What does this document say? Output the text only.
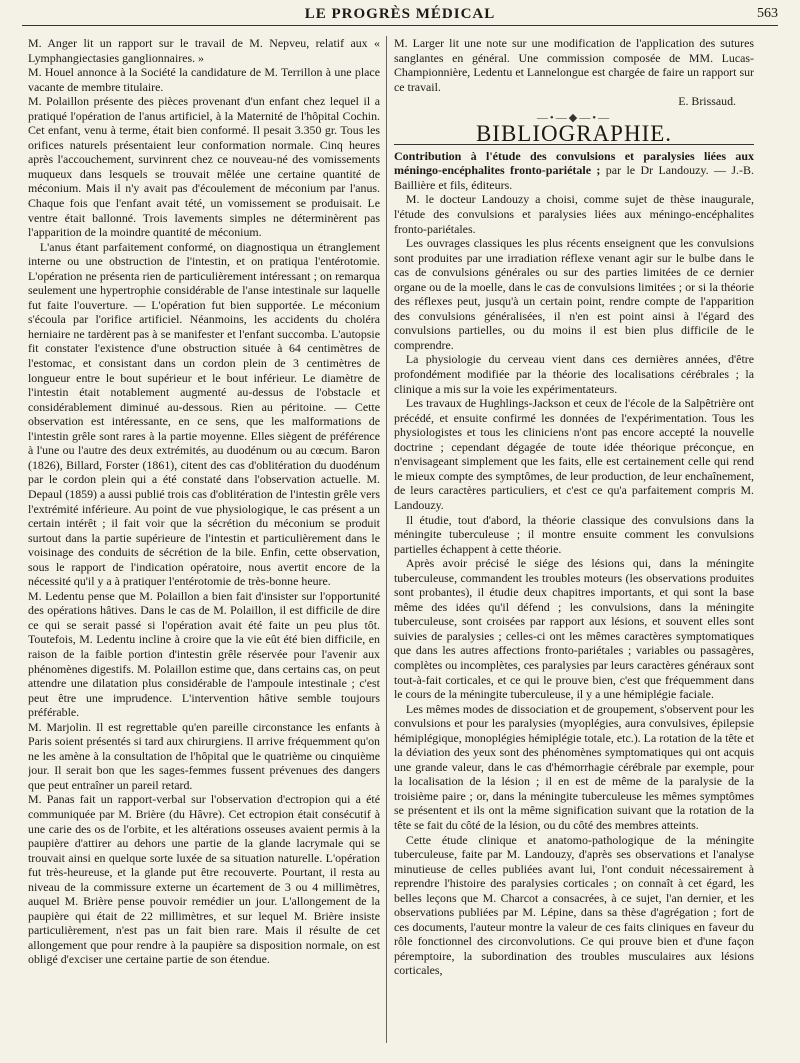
LE PROGRÈS MÉDICAL	563

M. Anger lit un rapport sur le travail de M. Nepveu, relatif aux « Lymphangiectasies ganglionnaires. »

M. Houel annonce à la Société la candidature de M. Terrillon à une place vacante de membre titulaire.

M. Polaillon présente des pièces provenant d'un enfant chez lequel il a pratiqué l'opération de l'anus artificiel, à la Maternité de l'hôpital Cochin. Cet enfant, venu à terme, était bien conformé. Il pesait 3.350 gr. Tous les orifices naturels présentaient leur conformation normale. Cinq heures après l'accouchement, survinrent chez ce nouveau-né des vomissements muqueux dans lesquels se trouvait mêlée une certaine quantité de méconium. Mais il n'y avait pas d'écoulement de méconium par l'anus. Chaque fois que l'enfant avait tété, un vomissement se produisait. Le ventre était ballonné. Trois lavements simples ne déterminèrent pas l'apparition de la moindre quantité de méconium.

L'anus étant parfaitement conformé, on diagnostiqua un étranglement interne ou une obstruction de l'intestin, et on pratiqua l'entérotomie. L'opération ne présenta rien de particulièrement intéressant ; on remarqua seulement une hypertrophie considérable de l'anse intestinale sur laquelle fut faite l'ouverture. — L'opération fut bien supportée. Le méconium s'écoula par l'orifice artificiel. Néanmoins, les accidents du choléra herniaire ne tardèrent pas à se manifester et l'enfant succomba. L'autopsie fit constater l'existence d'une obstruction située à 64 centimètres de l'estomac, et consistant dans un cordon plein de 3 centimètres de longueur entre le bout supérieur et le bout inférieur. Le diamètre de l'intestin était notablement augmenté au-dessus de l'obstacle et considérablement diminué au-dessous. Rien au péritoine. — Cette observation est intéressante, en ce sens, que les malformations de l'intestin grêle sont rares à la partie moyenne. Elles siègent de préférence à l'une ou l'autre des deux extrémités, au duodénum ou au cœcum. Baron (1826), Billard, Forster (1861), citent des cas d'oblitération du duodénum par le cordon plein qui a été constaté dans l'observation actuelle. M. Depaul (1859) a aussi publié trois cas d'oblitération de l'intestin grêle vers l'extrémité inférieure. Au point de vue physiologique, le cas présent a un certain intérêt ; il fait voir que la sécrétion du méconium se produit surtout dans la partie supérieure de l'intestin et particulièrement dans le voisinage des conduits de sécrétion de la bile. Enfin, cette observation, sous le rapport de l'indication opératoire, nous avertit encore de la nécessité qu'il y a à pratiquer l'entérotomie de très-bonne heure.

M. Ledentu pense que M. Polaillon a bien fait d'insister sur l'opportunité des opérations hâtives. Dans le cas de M. Polaillon, il est difficile de dire ce qui se serait passé si l'opération avait été faite un peu plus tôt. Toutefois, M. Ledentu incline à croire que la vie eût été bien difficile, en raison de la faible portion d'intestin grêle réservée pour l'avenir aux phénomènes digestifs. M. Polaillon estime que, dans certains cas, on peut attendre une dilatation plus considérable de l'ampoule intestinale ; c'est peut être une imprudence. L'intervention hâtive semble toujours préférable.

M. Marjolin. Il est regrettable qu'en pareille circonstance les enfants à Paris soient présentés si tard aux chirurgiens. Il arrive fréquemment qu'on ne les amène à la consultation de l'hôpital que le quatrième ou cinquième jour. Il serait bon que les sages-femmes fussent prévenues des dangers que peut entraîner un pareil retard.

M. Panas fait un rapport-verbal sur l'observation d'ectropion qui a été communiquée par M. Brière (du Hâvre). Cet ectropion était consécutif à une carie des os de l'orbite, et les altérations osseuses avaient permis à la paupière d'attirer au dehors une partie de la glande lacrymale qui se trouvait ainsi en quelque sorte luxée de sa situation naturelle. L'opération fut très-heureuse, et la glande put être recouverte. Pourtant, il resta au niveau de la commissure externe un écartement de 3 ou 4 millimètres, auquel M. Brière pense pouvoir remédier un jour. L'allongement de la paupière qui était de 22 millimètres, et sur lequel M. Brière insiste particulièrement, n'est pas un fait bien rare. Mais il résulte de cet allongement que pour rendre à la paupière sa disposition normale, on est obligé d'exciser une certaine partie de son étendue.

M. Larger lit une note sur une modification de l'application des sutures sanglantes en général. Une commission composée de MM. Lucas-Championnière, Ledentu et Lannelongue est chargée de faire un rapport sur ce travail.

E. Brissaud.
—•—◆—•—
BIBLIOGRAPHIE.

Contribution à l'étude des convulsions et paralysies liées aux méningo-encéphalites fronto-pariétale ; par le Dr Landouzy. — J.-B. Baillière et fils, éditeurs.

M. le docteur Landouzy a choisi, comme sujet de thèse inaugurale, l'étude des convulsions et paralysies liées aux méningo-encéphalites fronto-pariétales.

Les ouvrages classiques les plus récents enseignent que les convulsions sont produites par une irradiation réflexe venant agir sur le bulbe dans le cas de convulsions générales ou sur des parties limitées de ce dernier organe ou de la moelle, dans le cas de convulsions limitées ; or si la théorie des réflexes peut, jusqu'à un certain point, rendre compte de l'apparition des convulsions généralisées, il n'en est point ainsi à l'égard des convulsions partielles, ou du moins il est bien plus difficile de le comprendre.

La physiologie du cerveau vient dans ces dernières années, d'être profondément modifiée par la théorie des localisations cérébrales ; la clinique a mis sur la voie les expérimentateurs.

Les travaux de Hughlings-Jackson et ceux de l'école de la Salpêtrière ont précédé, et ensuite confirmé les données de l'expérimentation. Tous les physiologistes et tous les cliniciens n'ont pas encore accepté la nouvelle doctrine ; cependant dégagée de toute idée théorique préconçue, en n'envisageant simplement que les faits, elle est certainement celle qui rend le mieux compte des symptômes, de leur production, de leur enchaînement, de leurs caractères particuliers, et c'est ce qu'a parfaitement compris M. Landouzy.

Il étudie, tout d'abord, la théorie classique des convulsions dans la méningite tuberculeuse ; il montre ensuite comment les convulsions partielles échappent à cette théorie.

Après avoir précisé le siége des lésions qui, dans la méningite tuberculeuse, commandent les troubles moteurs (les observations produites sont probantes), il étudie deux chapitres importants, et qui sont la base même des idées qu'il défend ; les convulsions, dans la méningite tuberculeuse, sont croisées par rapport aux lésions, et souvent elles sont suivies de paralysies ; celles-ci ont les mêmes caractères symptomatiques que dans les autres affections fronto-pariétales ; variables ou passagères, complètes ou incomplètes, ces paralysies par leurs caractères généraux sont tout-à-fait corticales, et ce qui le prouve bien, c'est que fréquemment dans le cours de la méningite tuberculeuse, il y a une hémiplégie faciale.

Les mêmes modes de dissociation et de groupement, s'observent pour les convulsions et pour les paralysies (myoplégies, aura convulsives, épilepsie hémiplégique, monoplégies hémiplégie totale, etc.). La rotation de la tête et la déviation des yeux sont des phénomènes symptomatiques qui ont acquis une grande valeur, dans le cas d'hémorrhagie cérébrale par exemple, pour la localisation de la lésion ; il en est de même de la paralysie de la troisième paire ; or, dans la méningite tuberculeuse les mêmes symptômes se présentent et ils ont la même signification suivant que la rotation de la tête se fait du côté de la lésion, ou du côté des membres atteints.

Cette étude clinique et anatomo-pathologique de la méningite tuberculeuse, faite par M. Landouzy, d'après ses observations et l'analyse minutieuse de celles publiées avant lui, l'ont conduit nécessairement à reprendre l'histoire des paralysies corticales ; on connaît à cet égard, les belles leçons que M. Charcot a consacrées, à ce sujet, l'an dernier, et les observations publiées par M. Lépine, dans sa thèse d'agrégation ; fort de ces documents, l'auteur montre la valeur de ces faits cliniques en faveur du rôle fonctionnel des circonvolutions. Ce qui prouve bien et d'une façon péremptoire, la subordination des troubles musculaires aux lésions corticales,
